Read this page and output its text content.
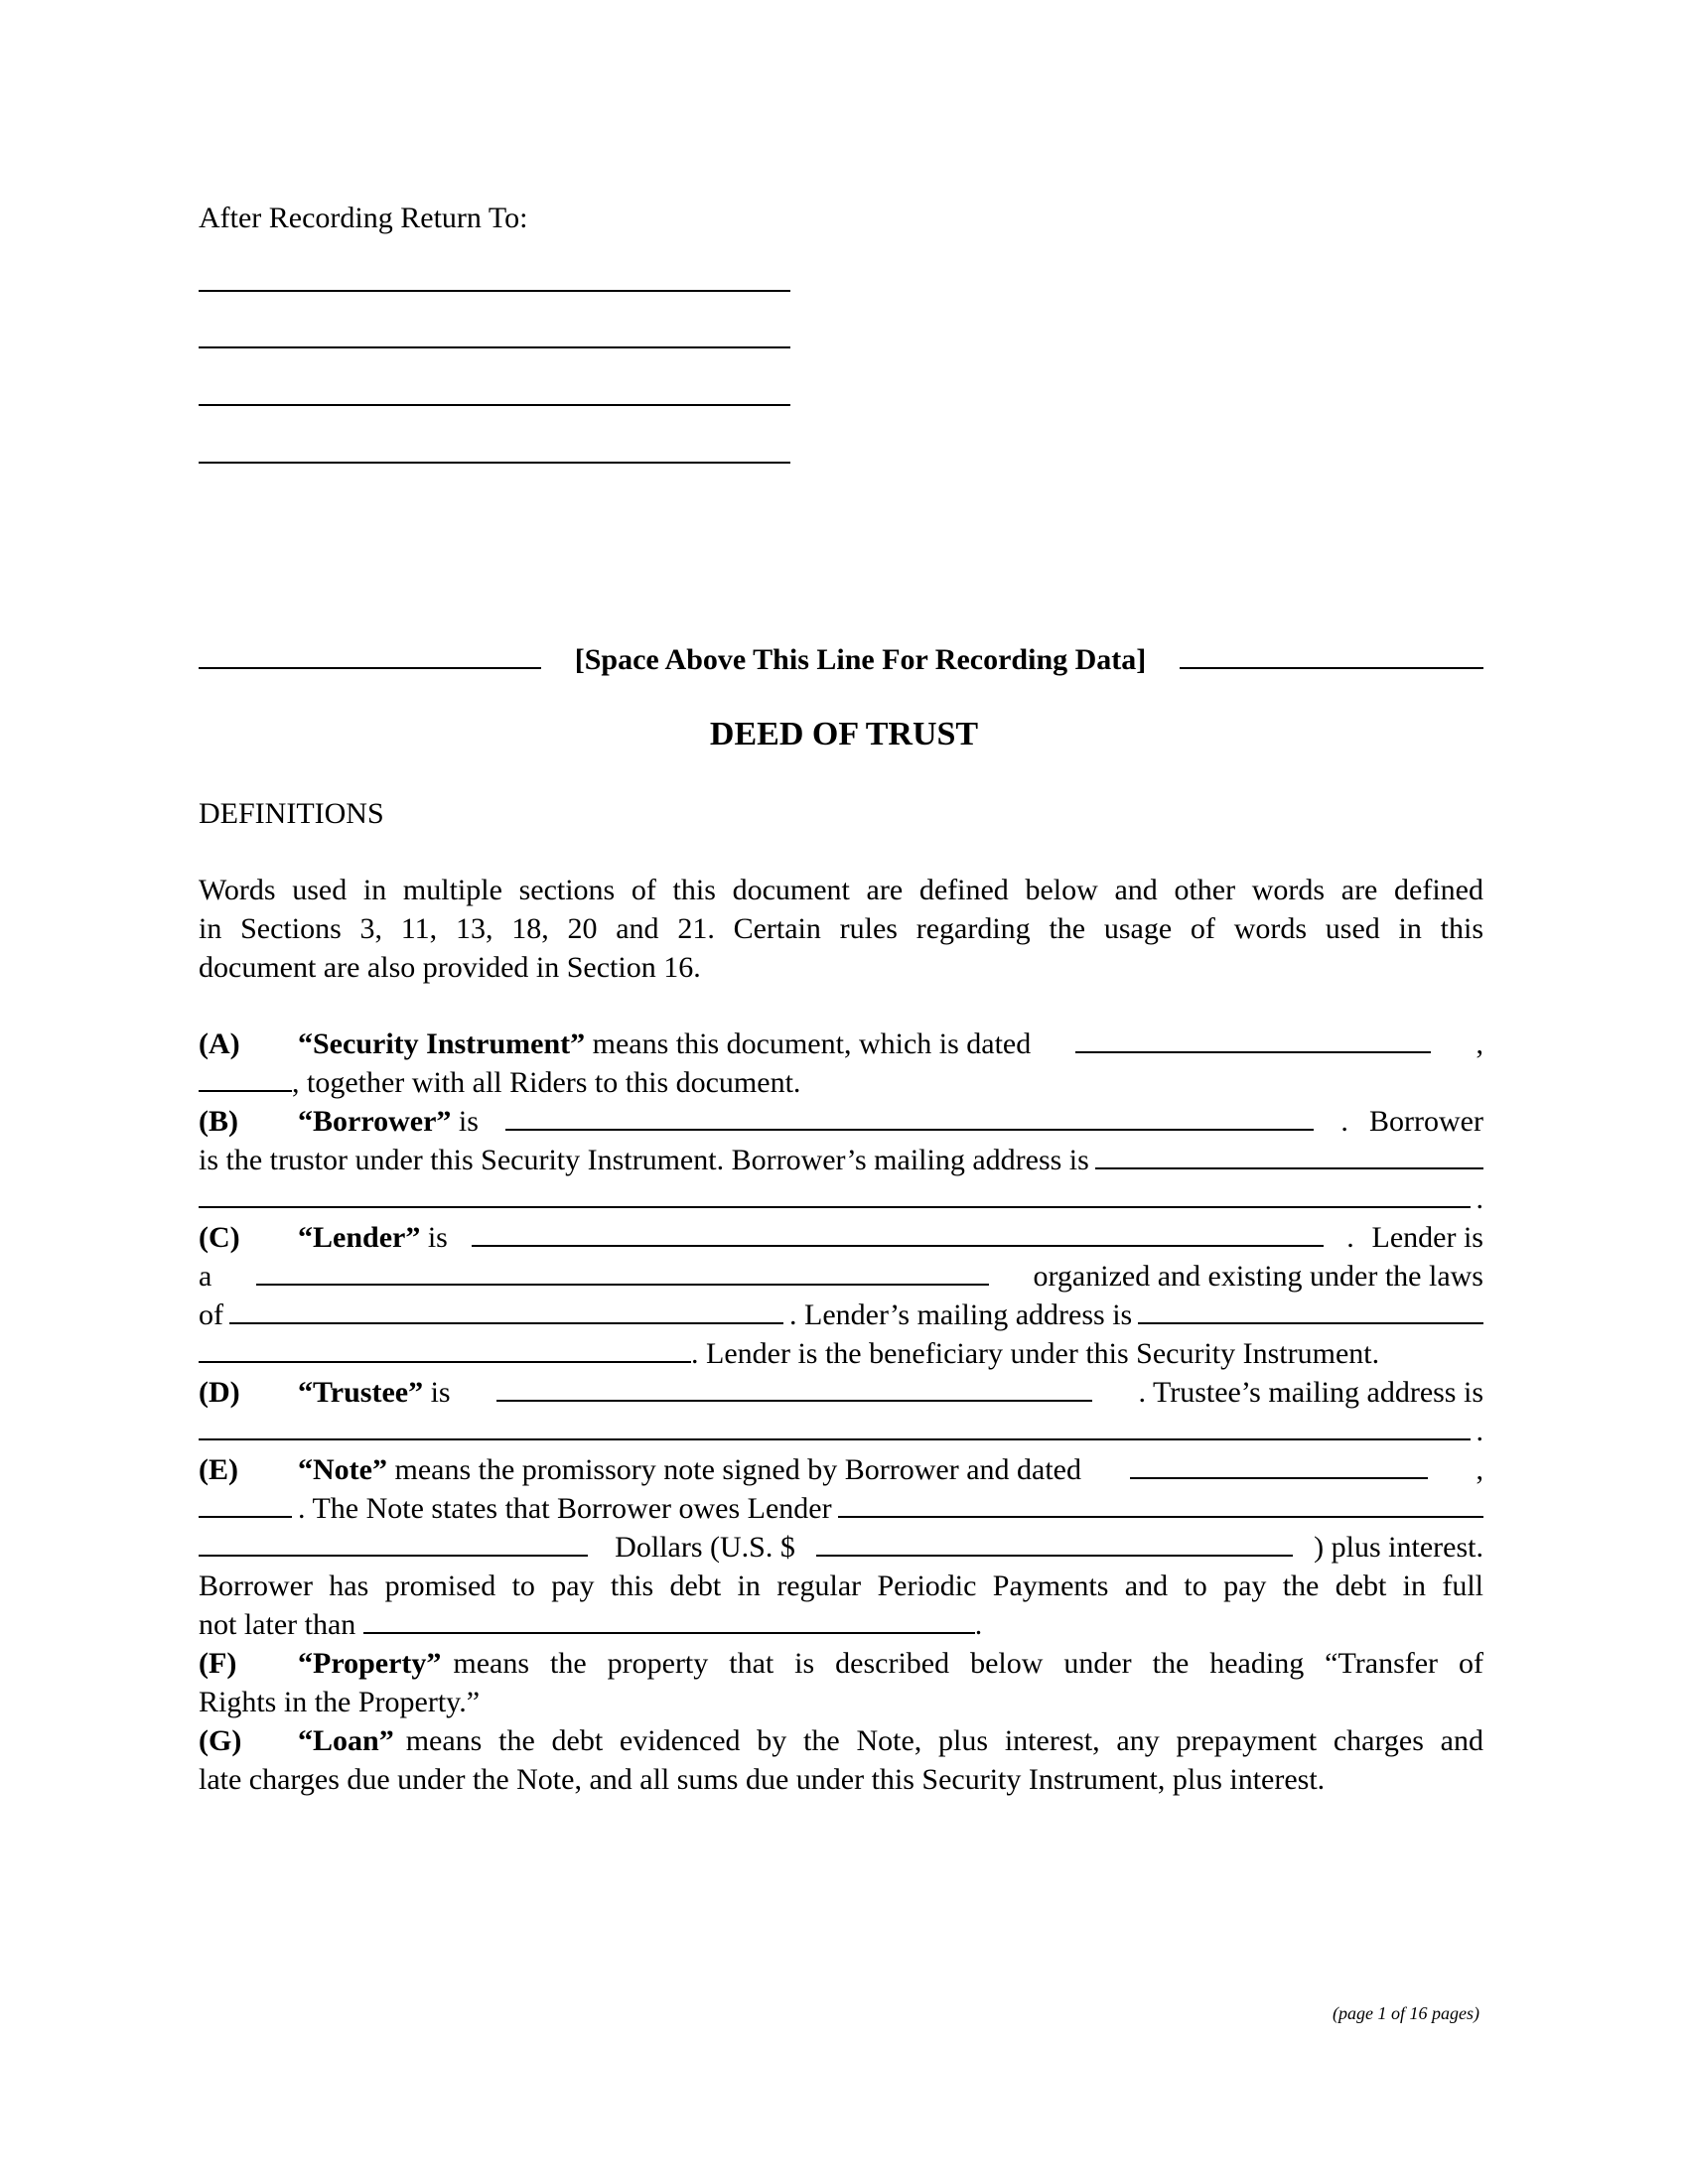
After Recording Return To:
[Space Above This Line For Recording Data]
DEED OF TRUST
DEFINITIONS
Words used in multiple sections of this document are defined below and other words are defined
in Sections 3, 11, 13, 18, 20 and 21. Certain rules regarding the usage of words used in this
document are also provided in Section 16.
(A) “Security Instrument” means this document, which is dated	,
, together with all Riders to this document.
(B) “Borrower” is	. Borrower
is the trustor under this Security Instrument. Borrower’s mailing address is
.
(C) “Lender” is	. Lender is
a	organized and existing under the laws
of	. Lender’s mailing address is
. Lender is the beneficiary under this Security Instrument.
(D) “Trustee” is	. Trustee’s mailing address is
.
(E) “Note” means the promissory note signed by Borrower and dated	,
. The Note states that Borrower owes Lender
Dollars (U.S. $	) plus interest.
Borrower has promised to pay this debt in regular Periodic Payments and to pay the debt in full
not later than	.
(F) “Property” means the property that is described below under the heading “Transfer of
Rights in the Property.”
(G) “Loan” means the debt evidenced by the Note, plus interest, any prepayment charges and
late charges due under the Note, and all sums due under this Security Instrument, plus interest.
(page 1 of 16 pages)
